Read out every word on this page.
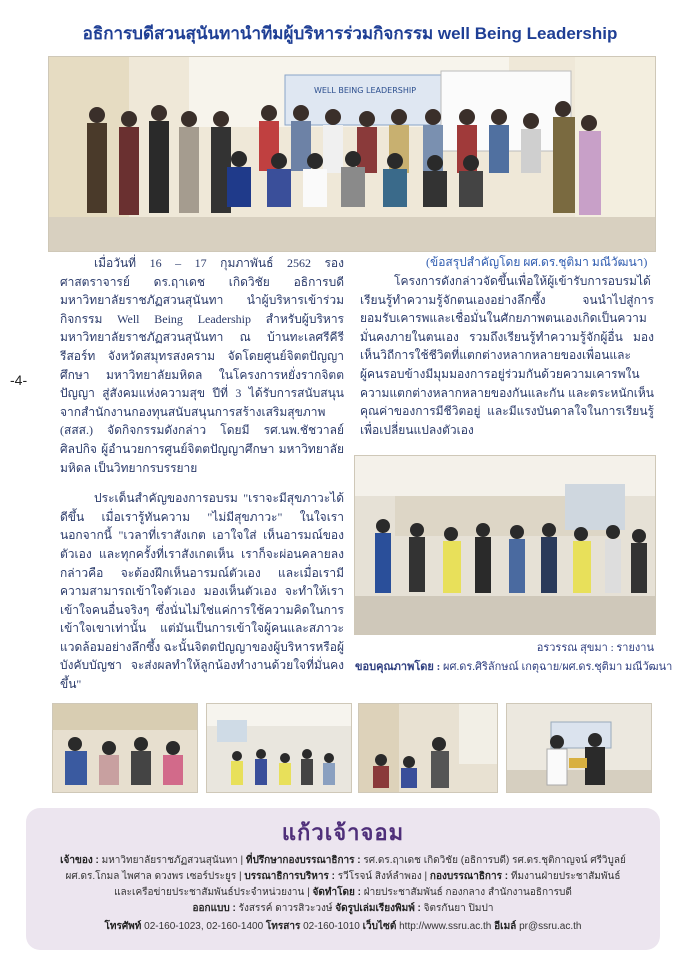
อธิการบดีสวนสุนันทานำทีมผู้บริหารร่วมกิจกรรม well Being Leadership
WELL BEING LEADERSHIP
(ข้อสรุปสำคัญโดย ผศ.ดร.ชุติมา มณีวัฒนา)
-4-

เมื่อวันที่ 16 – 17 กุมภาพันธ์ 2562 รองศาสตราจารย์ ดร.ฤาเดช เกิดวิชัย อธิการบดีมหาวิทยาลัยราชภัฏสวนสุนันทา นำผู้บริหารเข้าร่วมกิจกรรม Well Being Leadership สำหรับผู้บริหารมหาวิทยาลัยราชภัฏสวนสุนันทา ณ บ้านทะเลศรีคีรี รีสอร์ท จังหวัดสมุทรสงคราม จัดโดยศูนย์จิตตปัญญาศึกษา มหาวิทยาลัยมหิดล ในโครงการหยั่งรากจิตตปัญญา สู่สังคมแห่งความสุข ปีที่ 3 ได้รับการสนับสนุนจากสำนักงานกองทุนสนับสนุนการสร้างเสริมสุขภาพ (สสส.) จัดกิจกรรมดังกล่าว โดยมี รศ.นพ.ชัชวาลย์ ศิลปกิจ ผู้อำนวยการศูนย์จิตตปัญญาศึกษา มหาวิทยาลัยมหิดล เป็นวิทยากรบรรยาย

ประเด็นสำคัญของการอบรม "เราจะมีสุขภาวะได้ดีขึ้น เมื่อเรารู้ทันความ "ไม่มีสุขภาวะ" ในใจเรา นอกจากนี้ "เวลาที่เราสังเกต เอาใจใส่ เห็นอารมณ์ของตัวเอง และทุกครั้งที่เราสังเกตเห็น เราก็จะผ่อนคลายลง กล่าวคือ จะต้องฝึกเห็นอารมณ์ตัวเอง และเมื่อเรามีความสามารถเข้าใจตัวเอง มองเห็นตัวเอง จะทำให้เราเข้าใจคนอื่นจริงๆ ซึ่งนั่นไม่ใช่แค่การใช้ความคิดในการเข้าใจเขาเท่านั้น แต่มันเป็นการเข้าใจผู้คนและสภาวะแวดล้อมอย่างลึกซึ้ง ฉะนั้นจิตตปัญญาของผู้บริหารหรือผู้บังคับบัญชา จะส่งผลทำให้ลูกน้องทำงานด้วยใจที่มั่นคงขึ้น"

โครงการดังกล่าวจัดขึ้นเพื่อให้ผู้เข้ารับการอบรมได้เรียนรู้ทำความรู้จักตนเองอย่างลึกซึ้ง จนนำไปสู่การยอมรับเคารพและเชื่อมั่นในศักยภาพตนเองเกิดเป็นความมั่นคงภายในตนเอง รวมถึงเรียนรู้ทำความรู้จักผู้อื่น มองเห็นวิถีการใช้ชีวิตที่แตกต่างหลากหลายของเพื่อนและผู้คนรอบข้างมีมุมมองการอยู่ร่วมกันด้วยความเคารพในความแตกต่างหลากหลายของกันและกัน และตระหนักเห็นคุณค่าของการมีชีวิตอยู่ และมีแรงบันดาลใจในการเรียนรู้เพื่อเปลี่ยนแปลงตัวเอง

อรวรรณ สุขมา : รายงาน
ขอบคุณภาพโดย : ผศ.ดร.ศิริลักษณ์ เกตุฉาย/ผศ.ดร.ชุติมา มณีวัฒนา
แก้วเจ้าจอม
เจ้าของ : มหาวิทยาลัยราชภัฏสวนสุนันทา | ที่ปรึกษากองบรรณาธิการ : รศ.ดร.ฤาเดช เกิดวิชัย (อธิการบดี) รศ.ดร.ชุติกาญจน์ ศรีวิบูลย์
ผศ.ดร.โกมล ไพศาล ดวงพร เซอร์ประยูร | บรรณาธิการบริหาร : รวีโรจน์ สิงห์ลำพอง | กองบรรณาธิการ : ทีมงานฝ่ายประชาสัมพันธ์
และเครือข่ายประชาสัมพันธ์ประจำหน่วยงาน | จัดทำโดย : ฝ่ายประชาสัมพันธ์ กองกลาง สำนักงานอธิการบดี
ออกแบบ : รังสรรค์ ดาวรสิวะวงษ์ จัดรูปเล่มเรียงพิมพ์ : จิตรกันยา ปิมปา
โทรศัพท์ 02-160-1023, 02-160-1400 โทรสาร 02-160-1010 เว็บไซต์ http://www.ssru.ac.th อีเมล์ pr@ssru.ac.th
